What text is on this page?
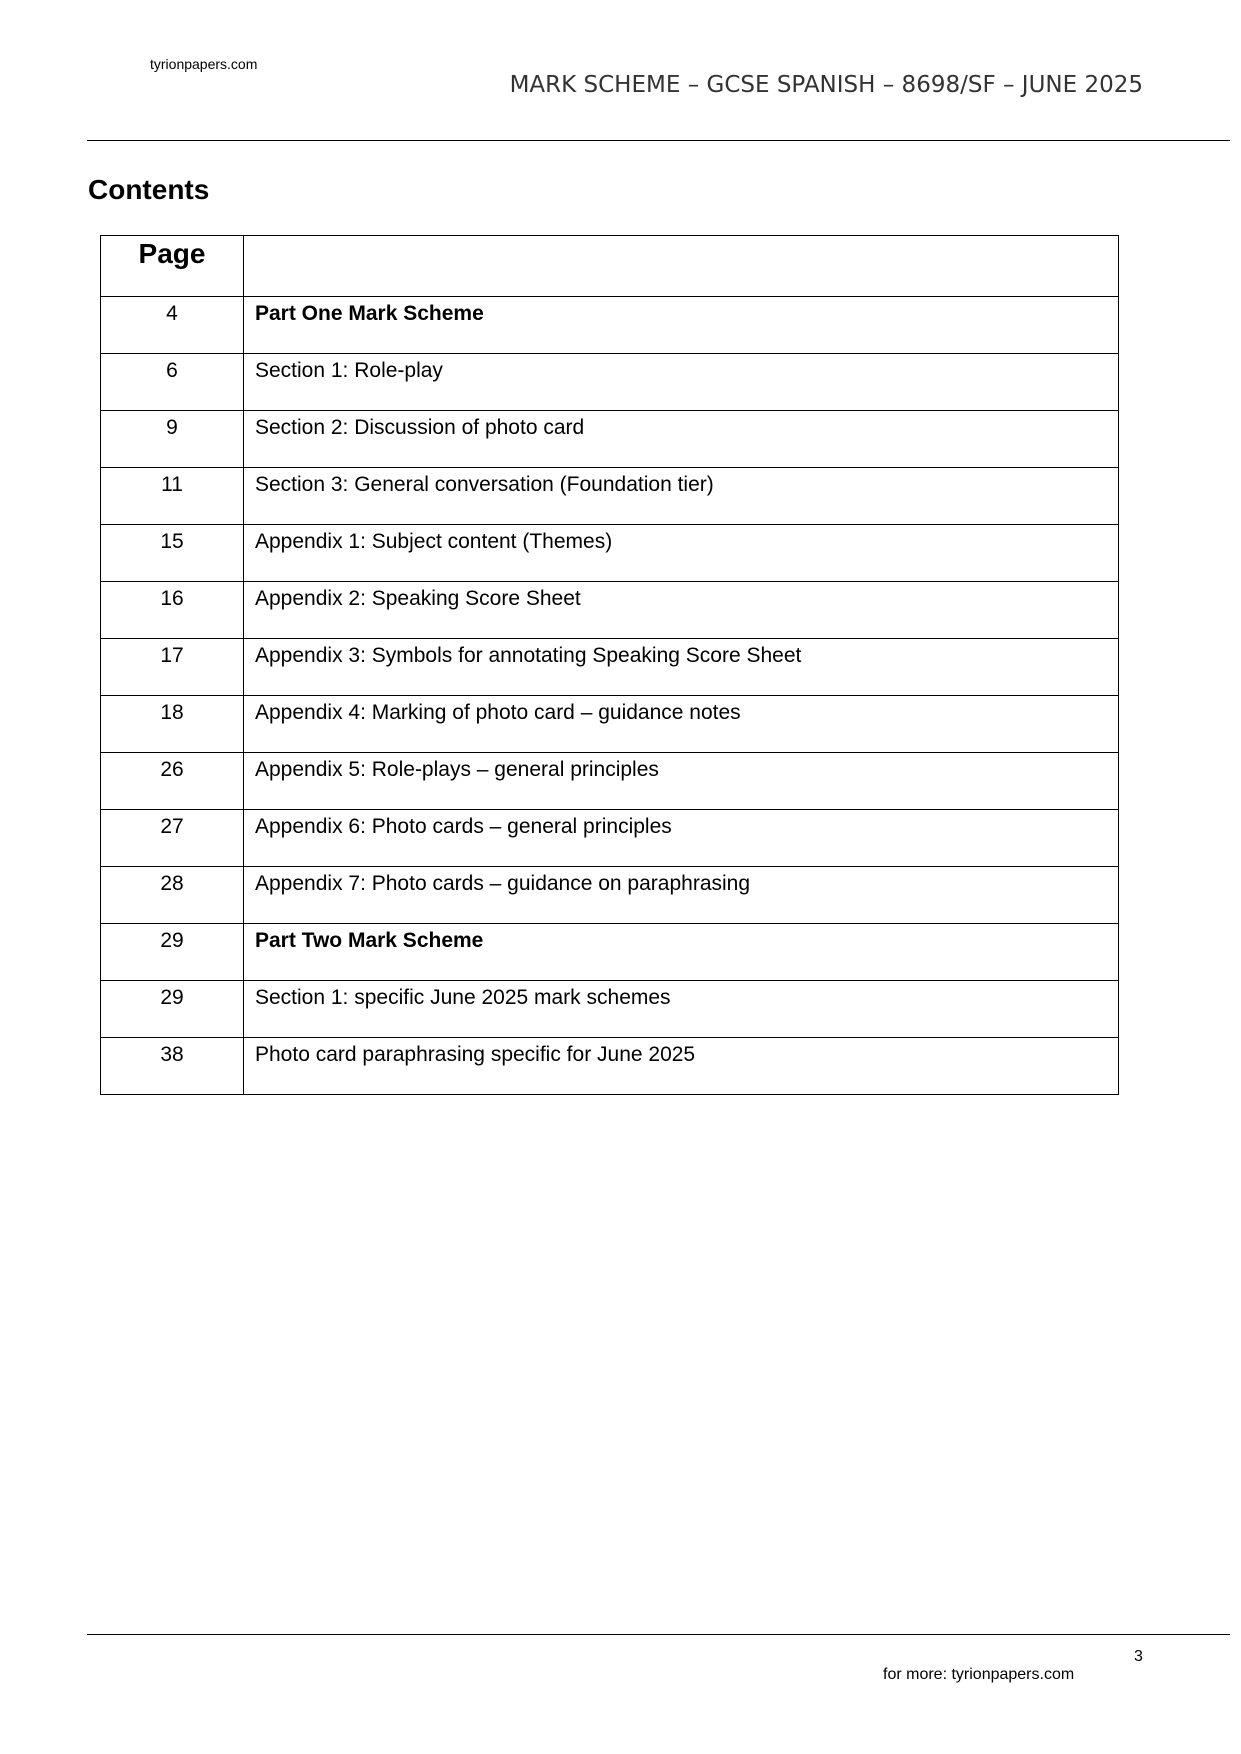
tyrionpapers.com
MARK SCHEME – GCSE SPANISH – 8698/SF – JUNE 2025
Contents
Page	
4	Part One Mark Scheme
6	Section 1: Role-play
9	Section 2: Discussion of photo card
11	Section 3: General conversation (Foundation tier)
15	Appendix 1: Subject content (Themes)
16	Appendix 2: Speaking Score Sheet
17	Appendix 3: Symbols for annotating Speaking Score Sheet
18	Appendix 4: Marking of photo card – guidance notes
26	Appendix 5: Role-plays – general principles
27	Appendix 6: Photo cards – general principles
28	Appendix 7: Photo cards – guidance on paraphrasing
29	Part Two Mark Scheme
29	Section 1: specific June 2025 mark schemes
38	Photo card paraphrasing specific for June 2025
3
for more: tyrionpapers.com
